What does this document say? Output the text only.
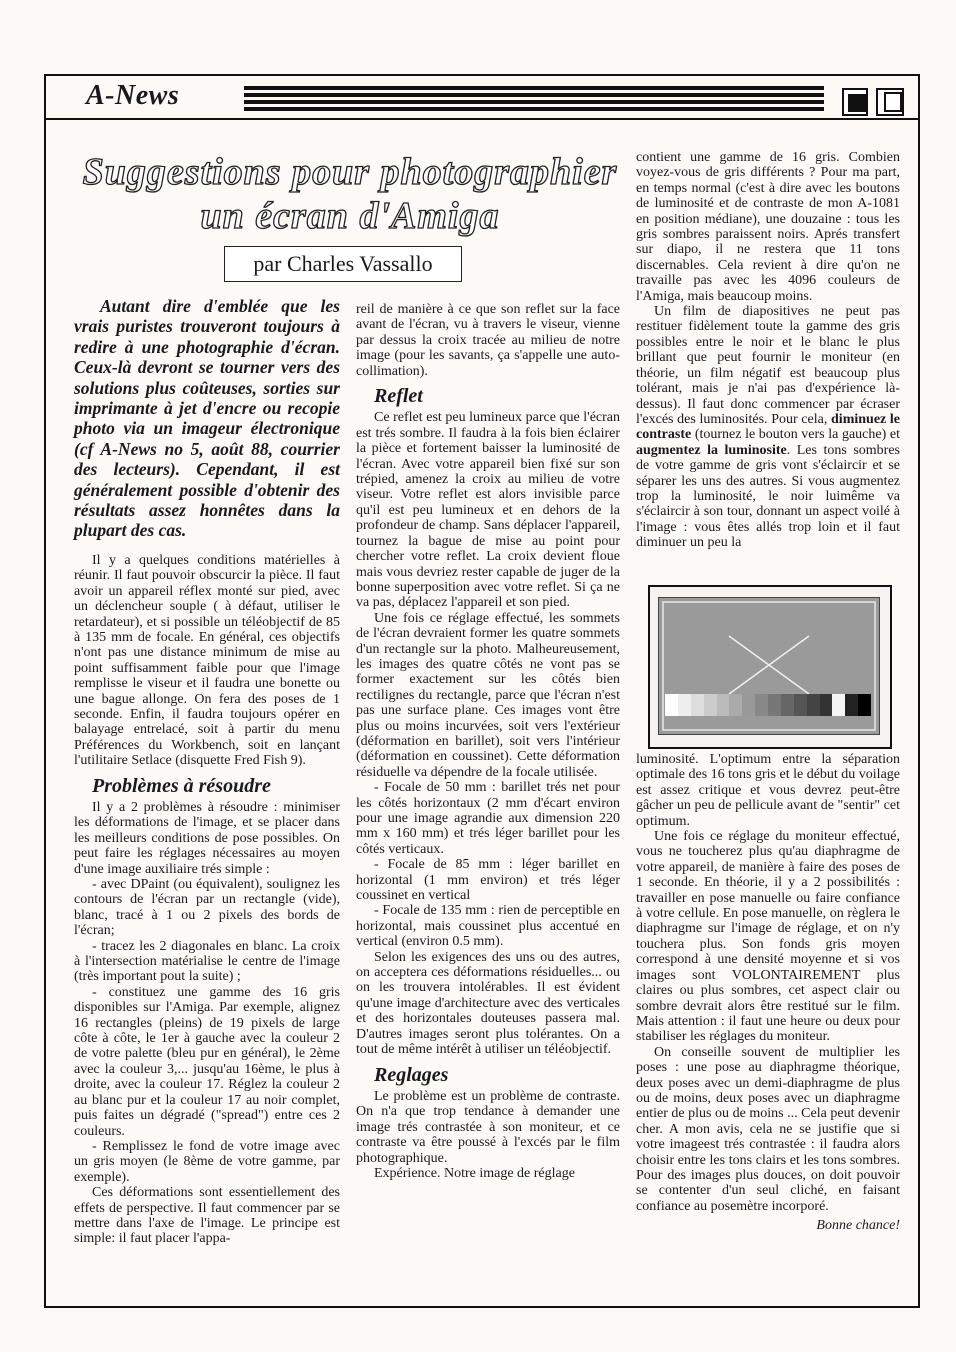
A-News
Suggestions pour photographier
un écran d'Amiga
par Charles Vassallo

Autant dire d'emblée que les vrais puristes trouveront toujours à redire à une photographie d'écran. Ceux-là devront se tourner vers des solutions plus coûteuses, sorties sur imprimante à jet d'encre ou recopie photo via un imageur électronique (cf A-News no 5, août 88, courrier des lecteurs). Cependant, il est généralement possible d'obtenir des résultats assez honnêtes dans la plupart des cas.

Il y a quelques conditions matérielles à réunir. Il faut pouvoir obscurcir la pièce. Il faut avoir un appareil réflex monté sur pied, avec un déclencheur souple ( à défaut, utiliser le retardateur), et si possible un téléobjectif de 85 à 135 mm de focale. En général, ces objectifs n'ont pas une distance minimum de mise au point suffisamment faible pour que l'image remplisse le viseur et il faudra une bonette ou une bague allonge. On fera des poses de 1 seconde. Enfin, il faudra toujours opérer en balayage entrelacé, soit à partir du menu Préférences du Workbench, soit en lançant l'utilitaire Setlace (disquette Fred Fish 9).

Problèmes à résoudre

Il y a 2 problèmes à résoudre : minimiser les déformations de l'image, et se placer dans les meilleurs conditions de pose possibles. On peut faire les réglages nécessaires au moyen d'une image auxiliaire trés simple :

- avec DPaint (ou équivalent), soulignez les contours de l'écran par un rectangle (vide), blanc, tracé à 1 ou 2 pixels des bords de l'écran;

- tracez les 2 diagonales en blanc. La croix à l'intersection matérialise le centre de l'image (très important pout la suite) ;

- constituez une gamme des 16 gris disponibles sur l'Amiga. Par exemple, alignez 16 rectangles (pleins) de 19 pixels de large côte à côte, le 1er à gauche avec la couleur 2 de votre palette (bleu pur en général), le 2ème avec la couleur 3,... jusqu'au 16ème, le plus à droite, avec la couleur 17. Réglez la couleur 2 au blanc pur et la couleur 17 au noir complet, puis faites un dégradé ("spread") entre ces 2 couleurs.

- Remplissez le fond de votre image avec un gris moyen (le 8ème de votre gamme, par exemple).

Ces déformations sont essentiellement des effets de perspective. Il faut commencer par se mettre dans l'axe de l'image. Le principe est simple: il faut placer l'appa-

reil de manière à ce que son reflet sur la face avant de l'écran, vu à travers le viseur, vienne par dessus la croix tracée au milieu de notre image (pour les savants, ça s'appelle une auto-collimation).

Reflet

Ce reflet est peu lumineux parce que l'écran est trés sombre. Il faudra à la fois bien éclairer la pièce et fortement baisser la luminosité de l'écran. Avec votre appareil bien fixé sur son trépied, amenez la croix au milieu de votre viseur. Votre reflet est alors invisible parce qu'il est peu lumineux et en dehors de la profondeur de champ. Sans déplacer l'appareil, tournez la bague de mise au point pour chercher votre reflet. La croix devient floue mais vous devriez rester capable de juger de la bonne superposition avec votre reflet. Si ça ne va pas, déplacez l'appareil et son pied.

Une fois ce réglage effectué, les sommets de l'écran devraient former les quatre sommets d'un rectangle sur la photo. Malheureusement, les images des quatre côtés ne vont pas se former exactement sur les côtés bien rectilignes du rectangle, parce que l'écran n'est pas une surface plane. Ces images vont être plus ou moins incurvées, soit vers l'extérieur (déformation en barillet), soit vers l'intérieur (déformation en coussinet). Cette déformation résiduelle va dépendre de la focale utilisée.

- Focale de 50 mm : barillet trés net pour les côtés horizontaux (2 mm d'écart environ pour une image agrandie aux dimension 220 mm x 160 mm) et trés léger barillet pour les côtés verticaux.

- Focale de 85 mm : léger barillet en horizontal (1 mm environ) et trés léger coussinet en vertical

- Focale de 135 mm : rien de perceptible en horizontal, mais coussinet plus accentué en vertical (environ 0.5 mm).

Selon les exigences des uns ou des autres, on acceptera ces déformations résiduelles... ou on les trouvera intolérables. Il est évident qu'une image d'architecture avec des verticales et des horizontales douteuses passera mal. D'autres images seront plus tolérantes. On a tout de même intérêt à utiliser un téléobjectif.

Reglages

Le problème est un problème de contraste. On n'a que trop tendance à demander une image trés contrastée à son moniteur, et ce contraste va être poussé à l'excés par le film photographique.

Expérience. Notre image de réglage

contient une gamme de 16 gris. Combien voyez-vous de gris différents ? Pour ma part, en temps normal (c'est à dire avec les boutons de luminosité et de contraste de mon A-1081 en position médiane), une douzaine : tous les gris sombres paraissent noirs. Aprés transfert sur diapo, il ne restera que 11 tons discernables. Cela revient à dire qu'on ne travaille pas avec les 4096 couleurs de l'Amiga, mais beaucoup moins.

Un film de diapositives ne peut pas restituer fidèlement toute la gamme des gris possibles entre le noir et le blanc le plus brillant que peut fournir le moniteur (en théorie, un film négatif est beaucoup plus tolérant, mais je n'ai pas d'expérience là-dessus). Il faut donc commencer par écraser l'excés des luminosités. Pour cela, diminuez le contraste (tournez le bouton vers la gauche) et augmentez la luminosite. Les tons sombres de votre gamme de gris vont s'éclaircir et se séparer les uns des autres. Si vous augmentez trop la luminosité, le noir luimême va s'éclaircir à son tour, donnant un aspect voilé à l'image : vous êtes allés trop loin et il faut diminuer un peu la

luminosité. L'optimum entre la séparation optimale des 16 tons gris et le début du voilage est assez critique et vous devrez peut-être gâcher un peu de pellicule avant de "sentir" cet optimum.

Une fois ce réglage du moniteur effectué, vous ne toucherez plus qu'au diaphragme de votre appareil, de manière à faire des poses de 1 seconde. En théorie, il y a 2 possibilités : travailler en pose manuelle ou faire confiance à votre cellule. En pose manuelle, on règlera le diaphragme sur l'image de réglage, et on n'y touchera plus. Son fonds gris moyen correspond à une densité moyenne et si vos images sont VOLONTAIREMENT plus claires ou plus sombres, cet aspect clair ou sombre devrait alors être restitué sur le film. Mais attention : il faut une heure ou deux pour stabiliser les réglages du moniteur.

On conseille souvent de multiplier les poses : une pose au diaphragme théorique, deux poses avec un demi-diaphragme de plus ou de moins, deux poses avec un diaphragme entier de plus ou de moins ... Cela peut devenir cher. A mon avis, cela ne se justifie que si votre imageest trés contrastée : il faudra alors choisir entre les tons clairs et les tons sombres. Pour des images plus douces, on doit pouvoir se contenter d'un seul cliché, en faisant confiance au posemètre incorporé.

Bonne chance!
